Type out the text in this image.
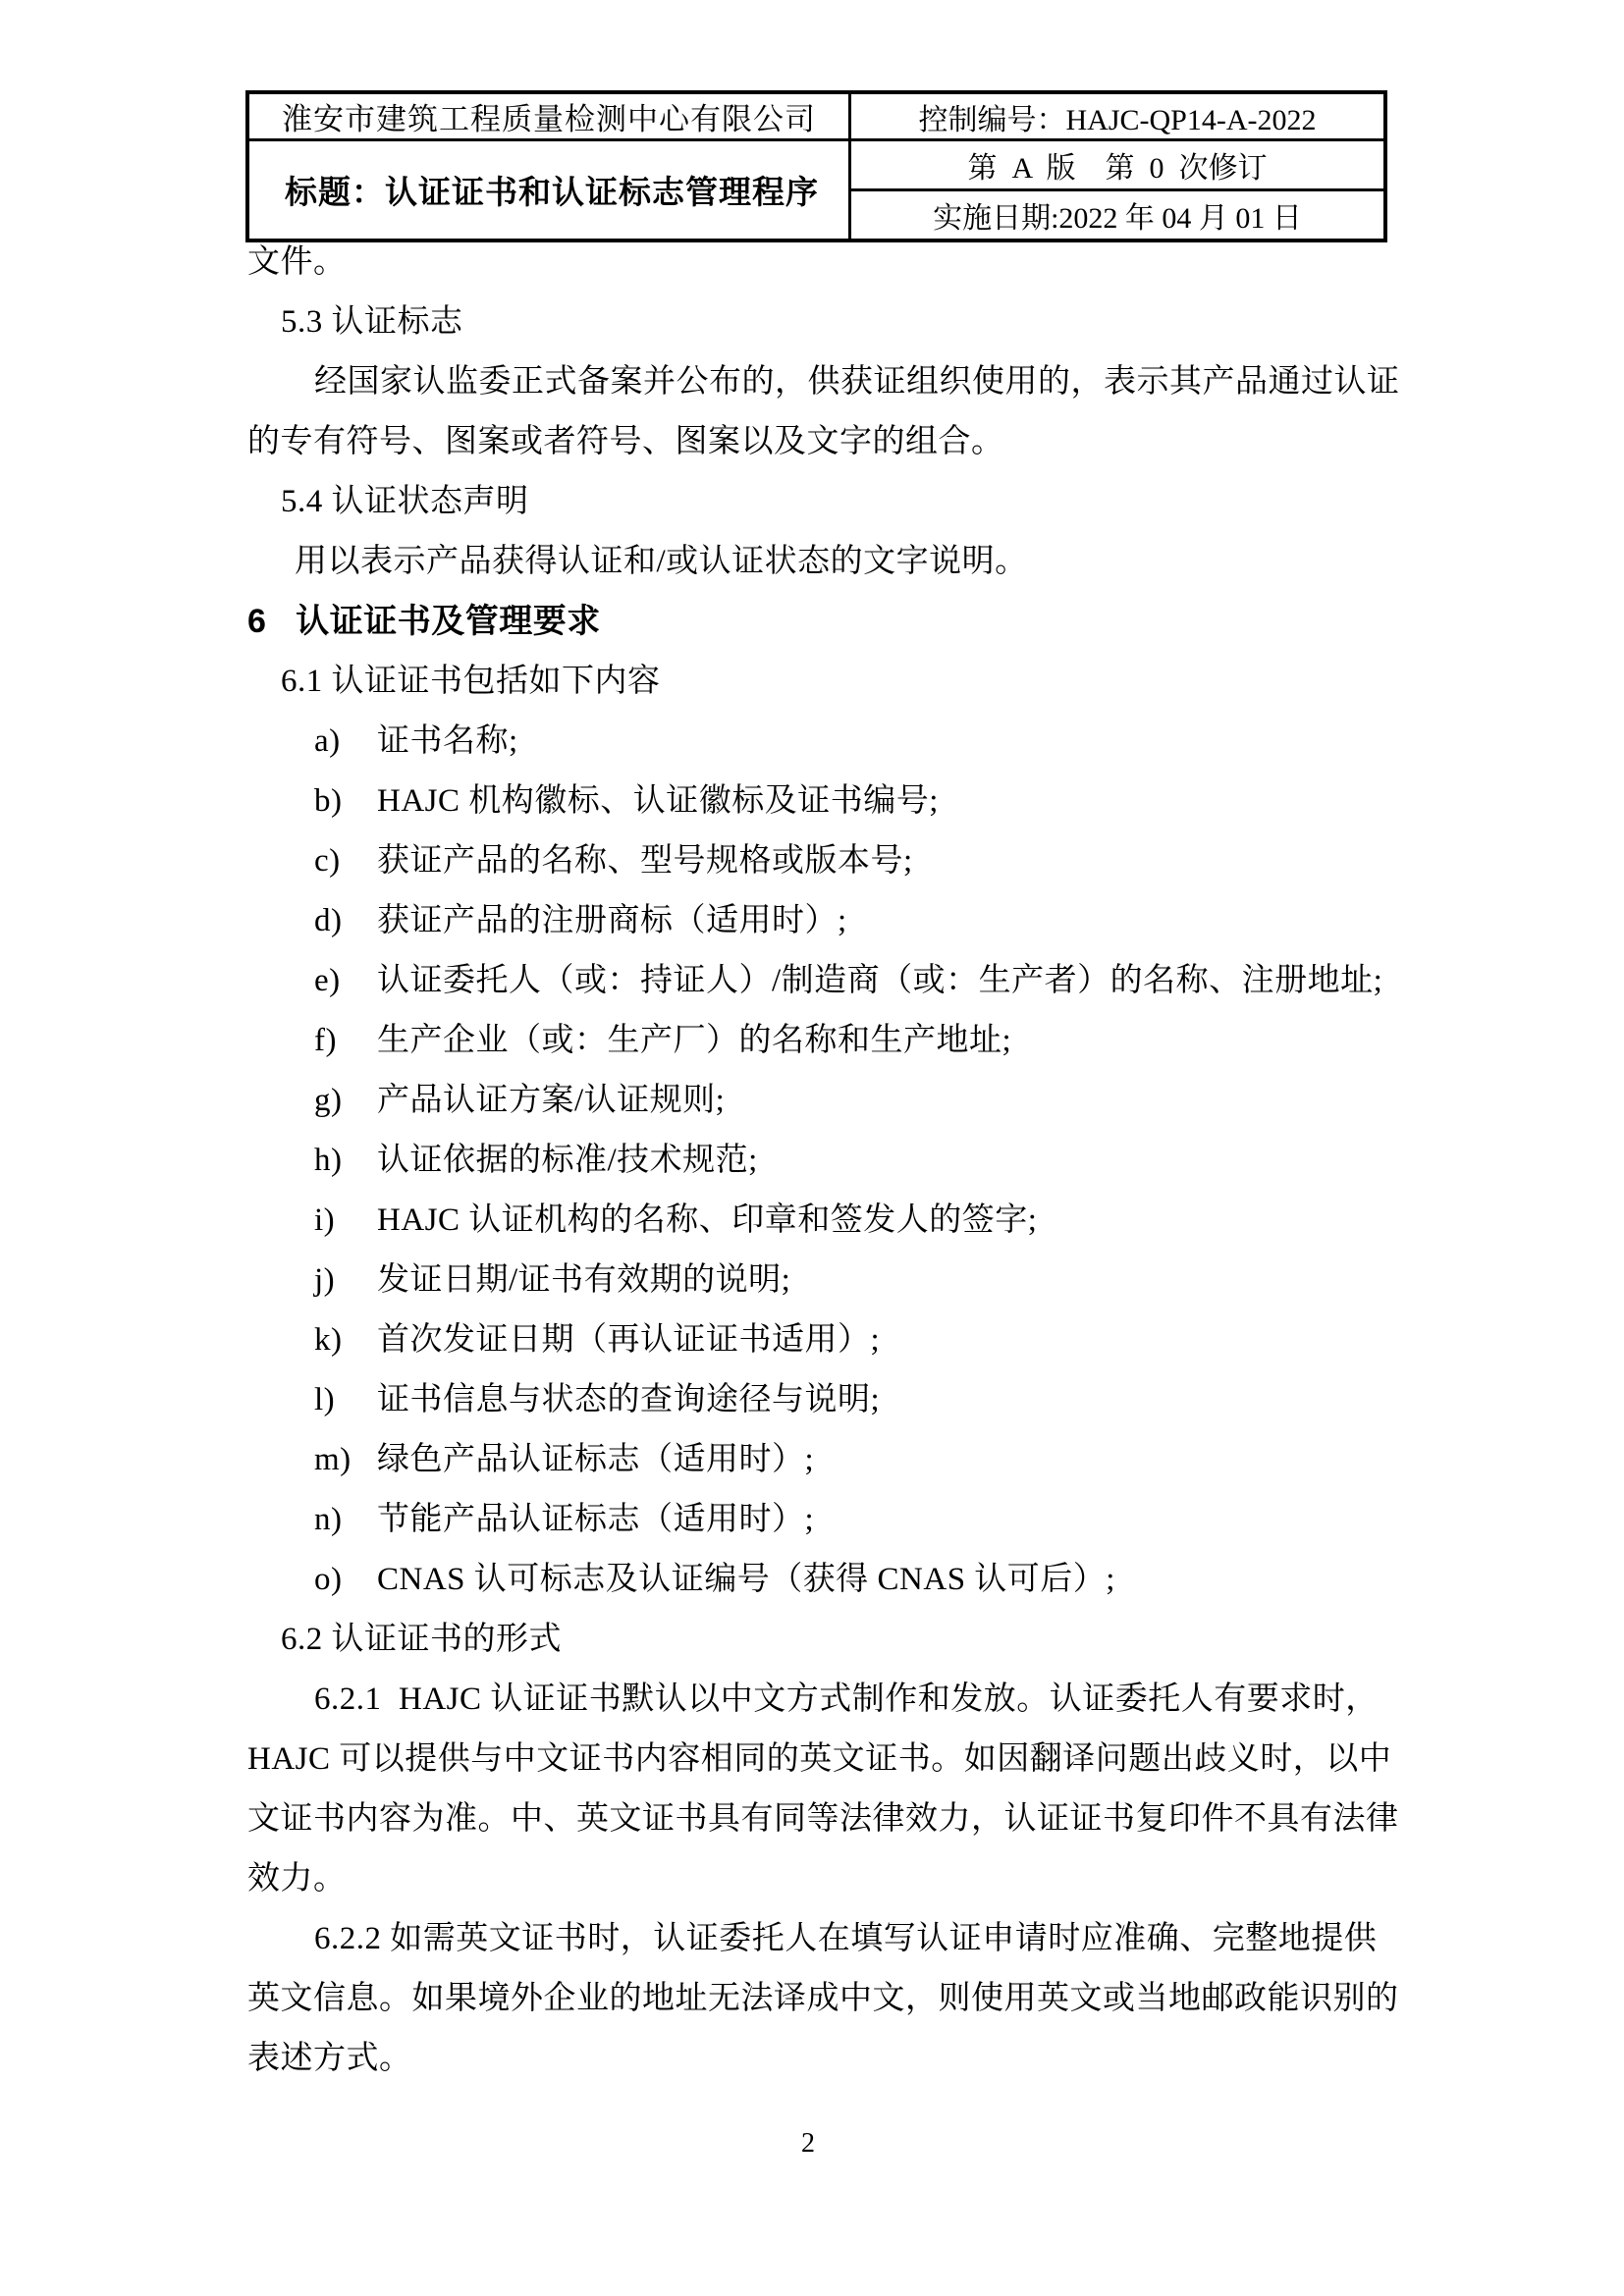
淮安市建筑工程质量检测中心有限公司	控制编号：HAJC-QP14-A-2022
标题：认证证书和认证标志管理程序	第  A  版    第  0  次修订
	实施日期:2022 年 04 月 01 日
文件。
5.3 认证标志
经国家认监委正式备案并公布的，供获证组织使用的，表示其产品通过认证
的专有符号、图案或者符号、图案以及文字的组合。
5.4 认证状态声明
用以表示产品获得认证和/或认证状态的文字说明。
6   认证证书及管理要求
6.1 认证证书包括如下内容
a) 证书名称;
b) HAJC 机构徽标、认证徽标及证书编号;
c) 获证产品的名称、型号规格或版本号;
d) 获证产品的注册商标（适用时）;
e) 认证委托人（或：持证人）/制造商（或：生产者）的名称、注册地址;
f) 生产企业（或：生产厂）的名称和生产地址;
g) 产品认证方案/认证规则;
h) 认证依据的标准/技术规范;
i) HAJC 认证机构的名称、印章和签发人的签字;
j) 发证日期/证书有效期的说明;
k) 首次发证日期（再认证证书适用）;
l) 证书信息与状态的查询途径与说明;
m) 绿色产品认证标志（适用时）;
n) 节能产品认证标志（适用时）;
o) CNAS 认可标志及认证编号（获得 CNAS 认可后）;
6.2 认证证书的形式
6.2.1  HAJC 认证证书默认以中文方式制作和发放。认证委托人有要求时，
HAJC 可以提供与中文证书内容相同的英文证书。如因翻译问题出歧义时，以中
文证书内容为准。中、英文证书具有同等法律效力，认证证书复印件不具有法律
效力。
6.2.2 如需英文证书时，认证委托人在填写认证申请时应准确、完整地提供
英文信息。如果境外企业的地址无法译成中文，则使用英文或当地邮政能识别的
表述方式。
2
